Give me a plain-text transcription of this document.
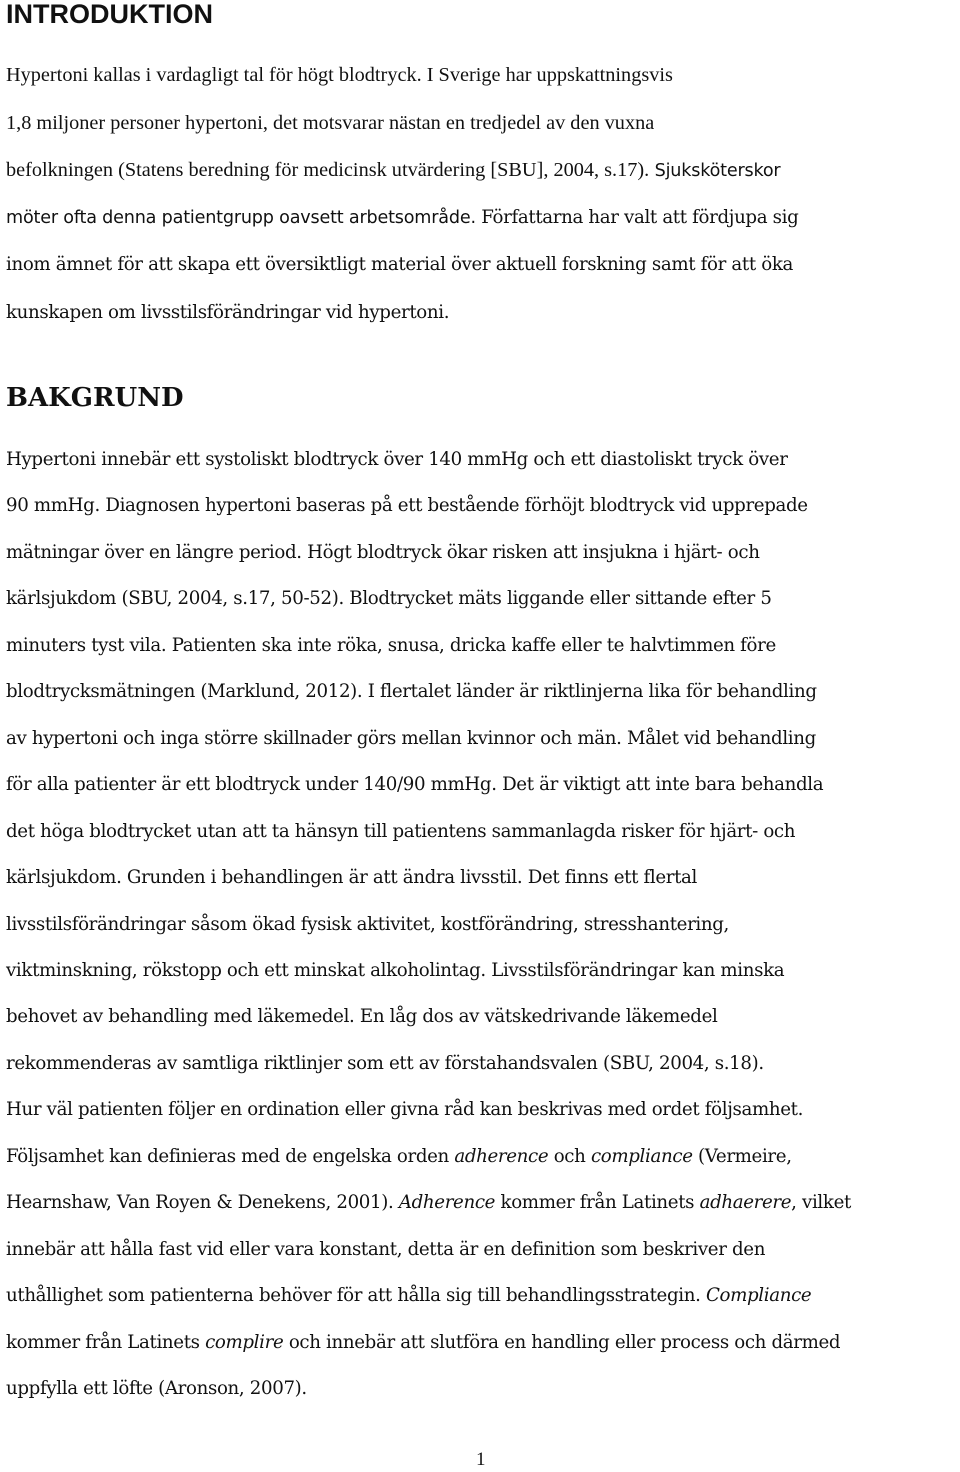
INTRODUKTION

Hypertoni kallas i vardagligt tal för högt blodtryck. I Sverige har uppskattningsvis

1,8 miljoner personer hypertoni, det motsvarar nästan en tredjedel av den vuxna

befolkningen (Statens beredning för medicinsk utvärdering [SBU], 2004, s.17). Sjuksköterskor

möter ofta denna patientgrupp oavsett arbetsområde. Författarna har valt att fördjupa sig

inom ämnet för att skapa ett översiktligt material över aktuell forskning samt för att öka

kunskapen om livsstilsförändringar vid hypertoni.

BAKGRUND

Hypertoni innebär ett systoliskt blodtryck över 140 mmHg och ett diastoliskt tryck över

90 mmHg. Diagnosen hypertoni baseras på ett bestående förhöjt blodtryck vid upprepade

mätningar över en längre period. Högt blodtryck ökar risken att insjukna i hjärt- och

kärlsjukdom (SBU, 2004, s.17, 50-52). Blodtrycket mäts liggande eller sittande efter 5

minuters tyst vila. Patienten ska inte röka, snusa, dricka kaffe eller te halvtimmen före

blodtrycksmätningen (Marklund, 2012). I flertalet länder är riktlinjerna lika för behandling

av hypertoni och inga större skillnader görs mellan kvinnor och män. Målet vid behandling

för alla patienter är ett blodtryck under 140/90 mmHg. Det är viktigt att inte bara behandla

det höga blodtrycket utan att ta hänsyn till patientens sammanlagda risker för hjärt- och

kärlsjukdom. Grunden i behandlingen är att ändra livsstil. Det finns ett flertal

livsstilsförändringar såsom ökad fysisk aktivitet, kostförändring, stresshantering,

viktminskning, rökstopp och ett minskat alkoholintag. Livsstilsförändringar kan minska

behovet av behandling med läkemedel. En låg dos av vätskedrivande läkemedel

rekommenderas av samtliga riktlinjer som ett av förstahandsvalen (SBU, 2004, s.18).

Hur väl patienten följer en ordination eller givna råd kan beskrivas med ordet följsamhet.

Följsamhet kan definieras med de engelska orden adherence och compliance (Vermeire,

Hearnshaw, Van Royen & Denekens, 2001). Adherence kommer från Latinets adhaerere, vilket

innebär att hålla fast vid eller vara konstant, detta är en definition som beskriver den

uthållighet som patienterna behöver för att hålla sig till behandlingsstrategin. Compliance

kommer från Latinets complire och innebär att slutföra en handling eller process och därmed

uppfylla ett löfte (Aronson, 2007).

1
